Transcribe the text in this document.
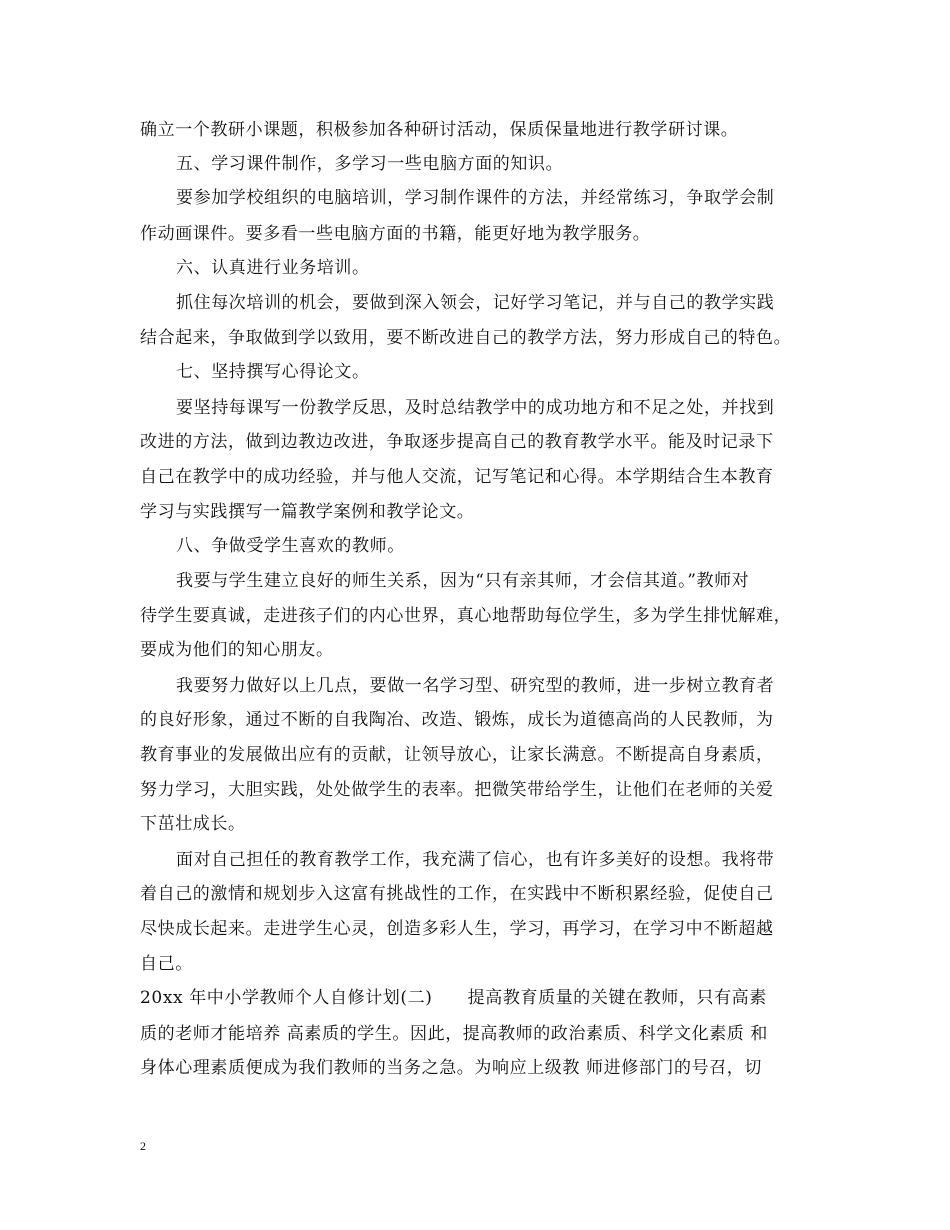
确立一个教研小课题，积极参加各种研讨活动，保质保量地进行教学研讨课。
五、学习课件制作，多学习一些电脑方面的知识。
要参加学校组织的电脑培训，学习制作课件的方法，并经常练习，争取学会制
作动画课件。要多看一些电脑方面的书籍，能更好地为教学服务。
六、认真进行业务培训。
抓住每次培训的机会，要做到深入领会，记好学习笔记，并与自己的教学实践
结合起来，争取做到学以致用，要不断改进自己的教学方法，努力形成自己的特色。
七、坚持撰写心得论文。
要坚持每课写一份教学反思，及时总结教学中的成功地方和不足之处，并找到
改进的方法，做到边教边改进，争取逐步提高自己的教育教学水平。能及时记录下
自己在教学中的成功经验，并与他人交流，记写笔记和心得。本学期结合生本教育
学习与实践撰写一篇教学案例和教学论文。
八、争做受学生喜欢的教师。
我要与学生建立良好的师生关系，因为“只有亲其师，才会信其道。”教师对
待学生要真诚，走进孩子们的内心世界，真心地帮助每位学生，多为学生排忧解难，
要成为他们的知心朋友。
我要努力做好以上几点，要做一名学习型、研究型的教师，进一步树立教育者
的良好形象，通过不断的自我陶冶、改造、锻炼，成长为道德高尚的人民教师，为
教育事业的发展做出应有的贡献，让领导放心，让家长满意。不断提高自身素质，
努力学习，大胆实践，处处做学生的表率。把微笑带给学生，让他们在老师的关爱
下茁壮成长。
面对自己担任的教育教学工作，我充满了信心，也有许多美好的设想。我将带
着自己的激情和规划步入这富有挑战性的工作，在实践中不断积累经验，促使自己
尽快成长起来。走进学生心灵，创造多彩人生，学习，再学习，在学习中不断超越
自己。
20xx 年中小学教师个人自修计划(二)　　提高教育质量的关键在教师，只有高素
质的老师才能培养 高素质的学生。因此，提高教师的政治素质、科学文化素质 和
身体心理素质便成为我们教师的当务之急。为响应上级教 师进修部门的号召，切
2
